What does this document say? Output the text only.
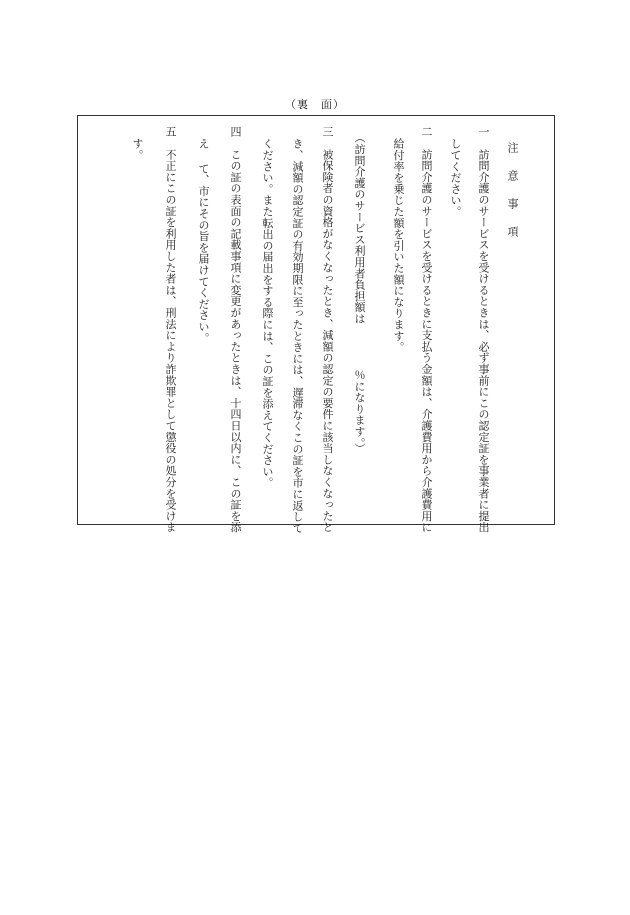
（裏　面）
注　意　事　項
一　訪問介護のサービスを受けるときは、必ず事前にこの認定証を事業者に提出
してください。
二　訪問介護のサービスを受けるときに支払う金額は、介護費用から介護費用に
給付率を乗じた額を引いた額になります。
（訪問介護のサービス利用者負担額は　　　　％になります。）
三　被保険者の資格がなくなったとき、減額の認定の要件に該当しなくなったと
き、減額の認定証の有効期限に至ったときには、遅滞なくこの証を市に返して
ください。また転出の届出をする際には、この証を添えてください。
四　この証の表面の記載事項に変更があったときは、十四日以内に、この証を添
え て、市にその旨を届けてください。
五　不正にこの証を利用した者は、刑法により詐欺罪として懲役の処分を受けま
す。
